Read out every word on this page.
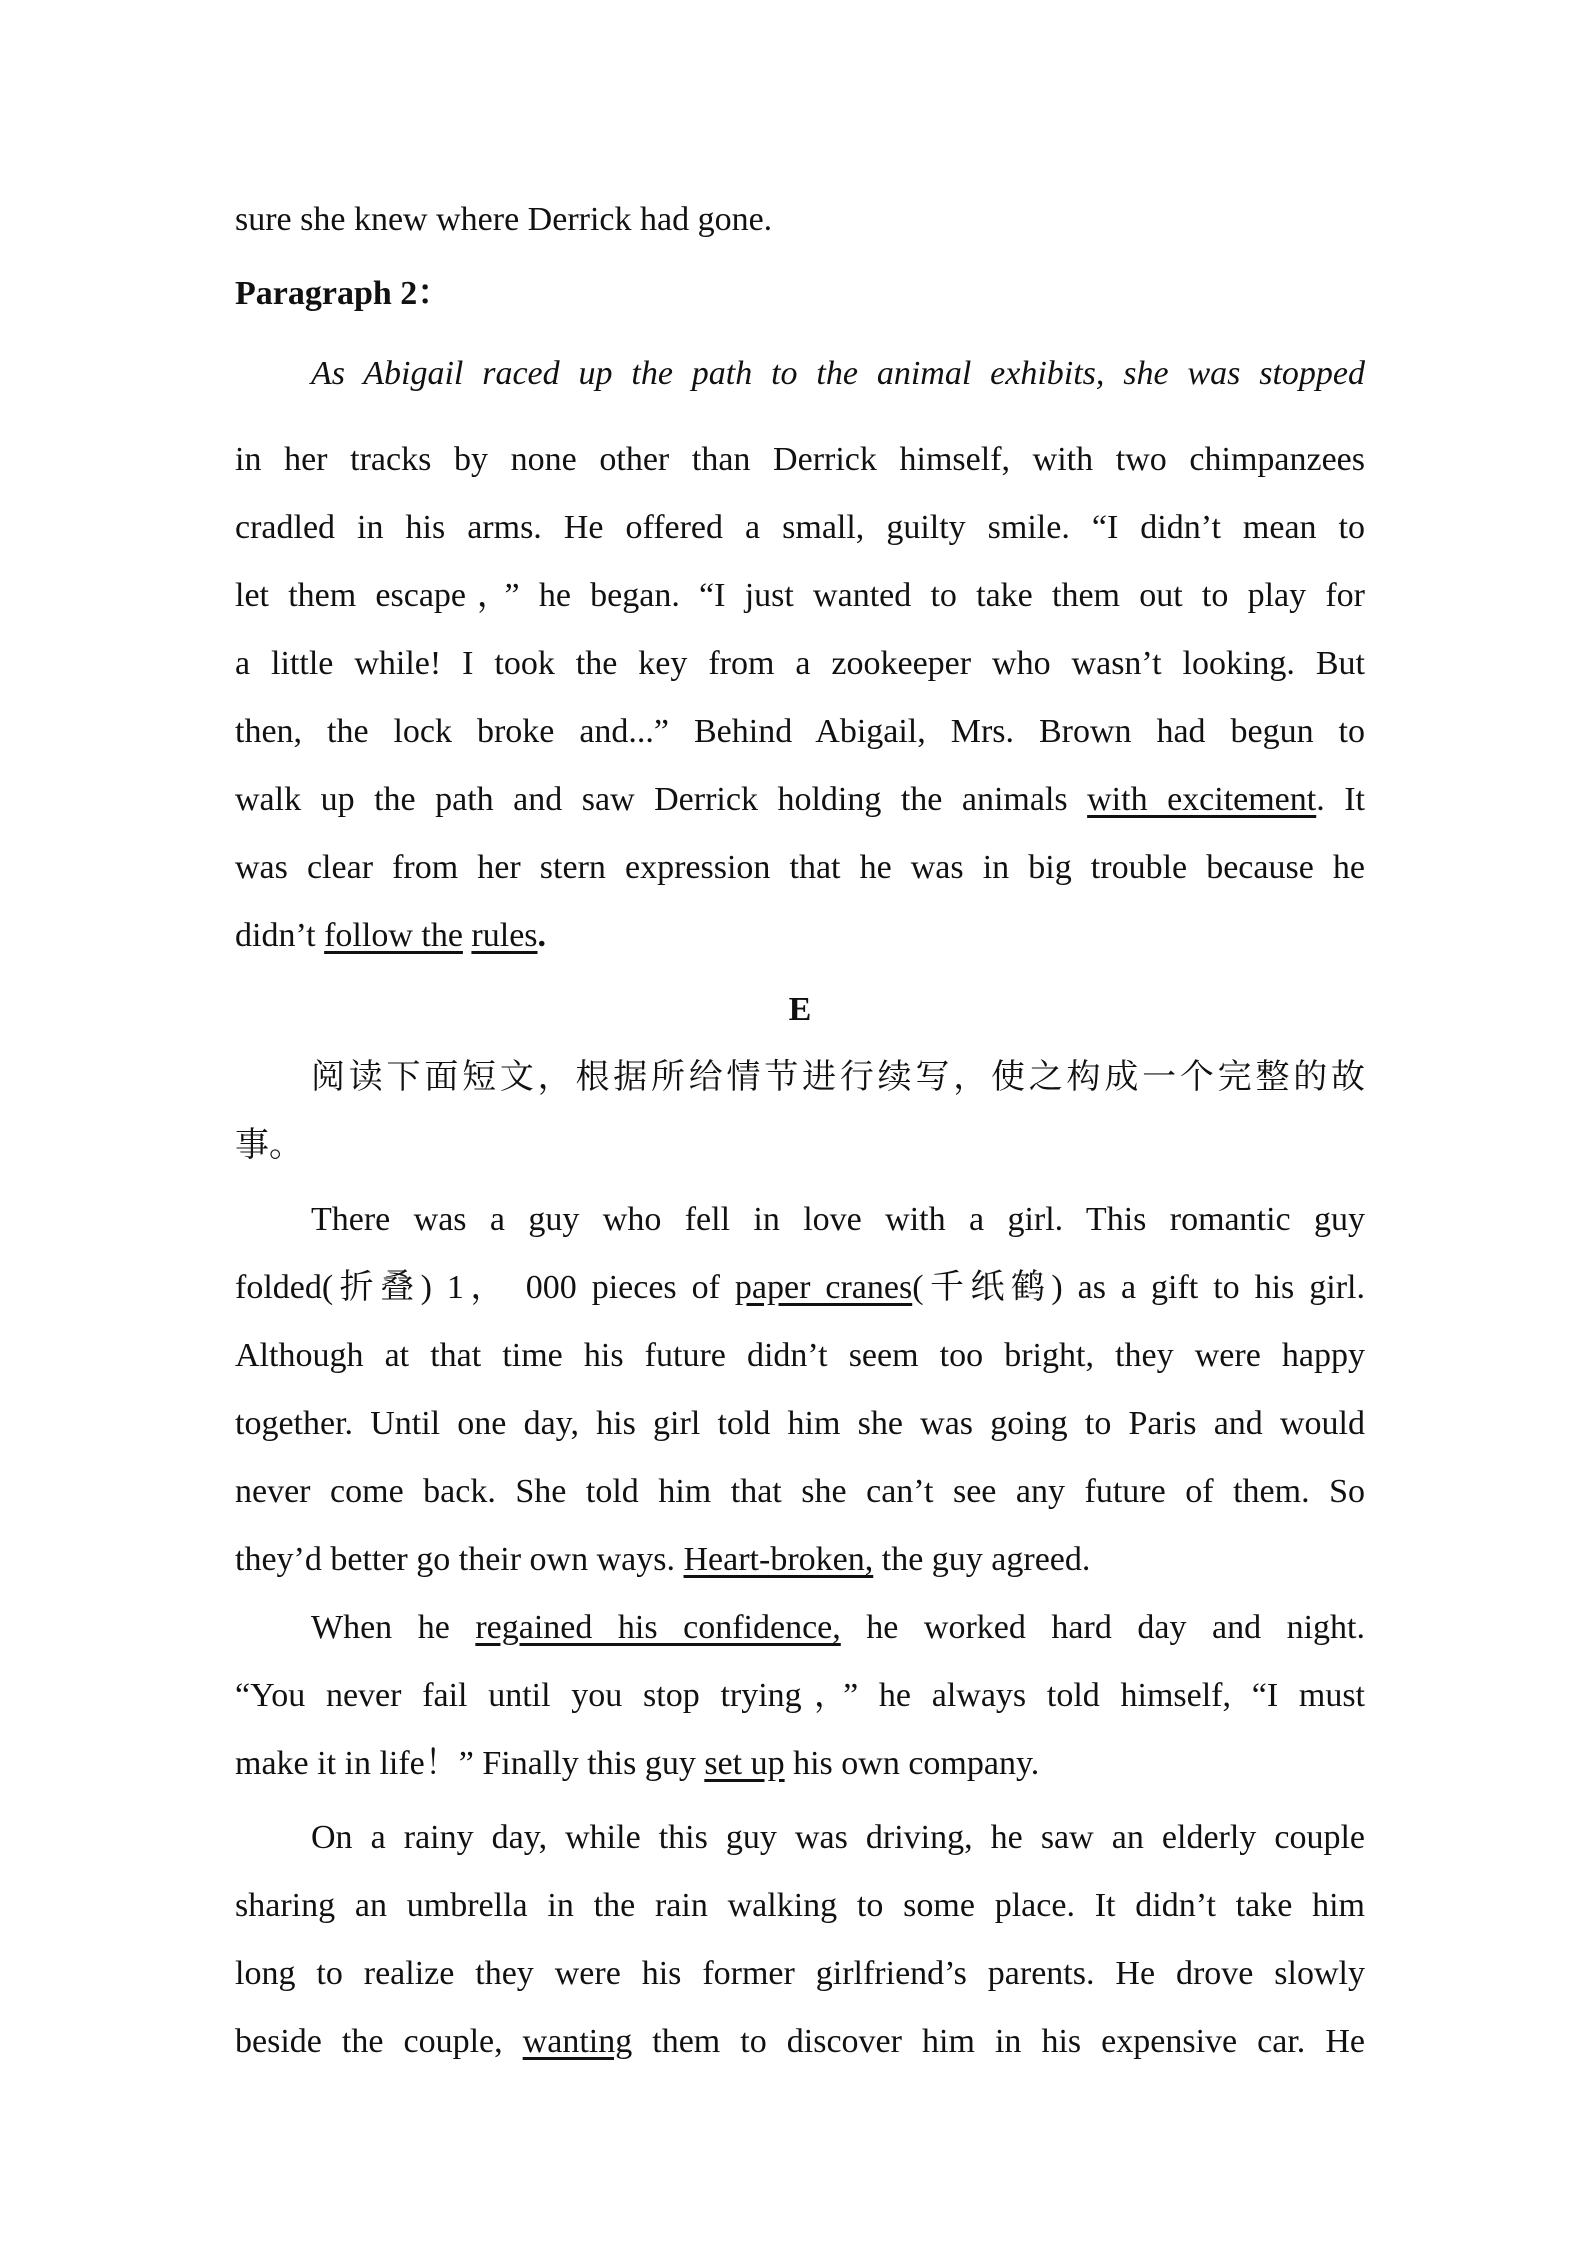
sure she knew where Derrick had gone.
Paragraph 2：
As Abigail raced up the path to the animal exhibits, she was stopped
in her tracks by none other than Derrick himself, with two chimpanzees
cradled in his arms. He offered a small, guilty smile. “I didn’t mean to
let them escape，” he began. “I just wanted to take them out to play for
a little while! I took the key from a zookeeper who wasn’t looking. But
then, the lock broke and...” Behind Abigail, Mrs. Brown had begun to
walk up the path and saw Derrick holding the animals with excitement. It
was clear from her stern expression that he was in big trouble because he
didn’t follow the rules.
E
阅读下面短文，根据所给情节进行续写，使之构成一个完整的故
事。
There was a guy who fell in love with a girl. This romantic guy
folded(折叠) 1， 000 pieces of paper cranes(千纸鹤) as a gift to his girl.
Although at that time his future didn’t seem too bright, they were happy
together. Until one day, his girl told him she was going to Paris and would
never come back. She told him that she can’t see any future of them. So
they’d better go their own ways. Heart-broken, the guy agreed.
When he regained his confidence, he worked hard day and night.
“You never fail until you stop trying，” he always told himself, “I must
make it in life！” Finally this guy set up his own company.
On a rainy day, while this guy was driving, he saw an elderly couple
sharing an umbrella in the rain walking to some place. It didn’t take him
long to realize they were his former girlfriend’s parents. He drove slowly
beside the couple, wanting them to discover him in his expensive car. He
